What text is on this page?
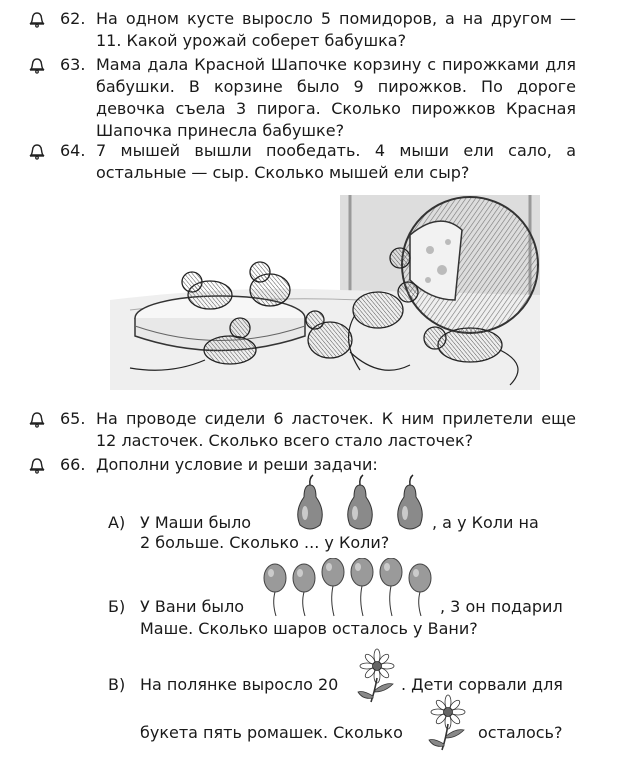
62. На одном кусте выросло 5 помидоров, а на другом — 11. Какой урожай соберет бабушка?
63. Мама дала Красной Шапочке корзину с пирожками для бабушки. В корзине было 9 пирожков. По дороге девочка съела 3 пирога. Сколько пирожков Красная Шапочка принесла бабушке?
64. 7 мышей вышли пообедать. 4 мыши ели сало, а остальные — сыр. Сколько мышей ели сыр?
65. На проводе сидели 6 ласточек. К ним прилетели еще 12 ласточек. Сколько всего стало ласточек?
66. Дополни условие и реши задачи:
А) У Маши было	, а у Коли на
2 больше. Сколько ... у Коли?
Б) У Вани было	, 3 он подарил
Маше. Сколько шаров осталось у Вани?
В) На полянке выросло 20	. Дети сорвали для
букета пять ромашек. Сколько	осталось?
